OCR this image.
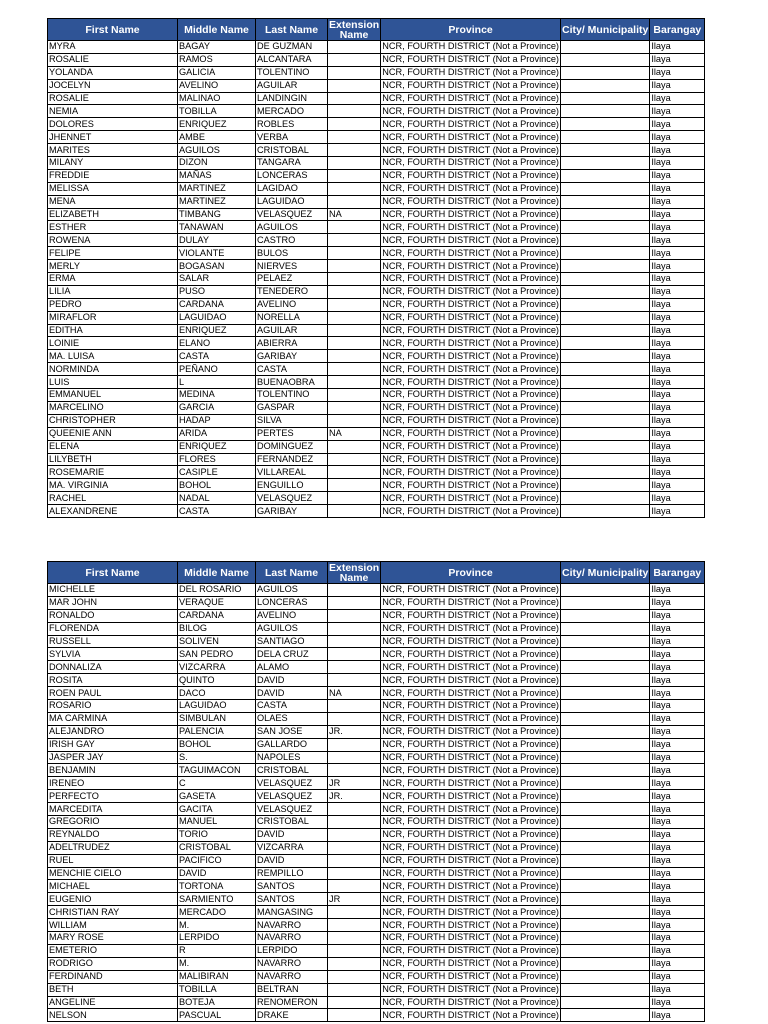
First Name	Middle Name	Last Name	Extension Name	Province	City/ Municipality	Barangay
MYRA	BAGAY	DE GUZMAN		NCR, FOURTH DISTRICT (Not a Province)		Ilaya
ROSALIE	RAMOS	ALCANTARA		NCR, FOURTH DISTRICT (Not a Province)		Ilaya
YOLANDA	GALICIA	TOLENTINO		NCR, FOURTH DISTRICT (Not a Province)		Ilaya
JOCELYN	AVELINO	AGUILAR		NCR, FOURTH DISTRICT (Not a Province)		Ilaya
ROSALIE	MALINAO	LANDINGIN		NCR, FOURTH DISTRICT (Not a Province)		Ilaya
NEMIA	TOBILLA	MERCADO		NCR, FOURTH DISTRICT (Not a Province)		Ilaya
DOLORES	ENRIQUEZ	ROBLES		NCR, FOURTH DISTRICT (Not a Province)		Ilaya
JHENNET	AMBE	VERBA		NCR, FOURTH DISTRICT (Not a Province)		Ilaya
MARITES	AGUILOS	CRISTOBAL		NCR, FOURTH DISTRICT (Not a Province)		Ilaya
MILANY	DIZON	TANGARA		NCR, FOURTH DISTRICT (Not a Province)		Ilaya
FREDDIE	MAÑAS	LONCERAS		NCR, FOURTH DISTRICT (Not a Province)		Ilaya
MELISSA	MARTINEZ	LAGIDAO		NCR, FOURTH DISTRICT (Not a Province)		Ilaya
MENA	MARTINEZ	LAGUIDAO		NCR, FOURTH DISTRICT (Not a Province)		Ilaya
ELIZABETH	TIMBANG	VELASQUEZ	NA	NCR, FOURTH DISTRICT (Not a Province)		Ilaya
ESTHER	TANAWAN	AGUILOS		NCR, FOURTH DISTRICT (Not a Province)		Ilaya
ROWENA	DULAY	CASTRO		NCR, FOURTH DISTRICT (Not a Province)		Ilaya
FELIPE	VIOLANTE	BULOS		NCR, FOURTH DISTRICT (Not a Province)		Ilaya
MERLY	BOGASAN	NIERVES		NCR, FOURTH DISTRICT (Not a Province)		Ilaya
ERMA	SALAR	PELAEZ		NCR, FOURTH DISTRICT (Not a Province)		Ilaya
LILIA	PUSO	TENEDERO		NCR, FOURTH DISTRICT (Not a Province)		Ilaya
PEDRO	CARDANA	AVELINO		NCR, FOURTH DISTRICT (Not a Province)		Ilaya
MIRAFLOR	LAGUIDAO	NORELLA		NCR, FOURTH DISTRICT (Not a Province)		Ilaya
EDITHA	ENRIQUEZ	AGUILAR		NCR, FOURTH DISTRICT (Not a Province)		Ilaya
LOINIE	ELANO	ABIERRA		NCR, FOURTH DISTRICT (Not a Province)		Ilaya
MA. LUISA	CASTA	GARIBAY		NCR, FOURTH DISTRICT (Not a Province)		Ilaya
NORMINDA	PEÑANO	CASTA		NCR, FOURTH DISTRICT (Not a Province)		Ilaya
LUIS	L	BUENAOBRA		NCR, FOURTH DISTRICT (Not a Province)		Ilaya
EMMANUEL	MEDINA	TOLENTINO		NCR, FOURTH DISTRICT (Not a Province)		Ilaya
MARCELINO	GARCIA	GASPAR		NCR, FOURTH DISTRICT (Not a Province)		Ilaya
CHRISTOPHER	HADAP	SILVA		NCR, FOURTH DISTRICT (Not a Province)		Ilaya
QUEENIE ANN	ARIDA	PERTES	NA	NCR, FOURTH DISTRICT (Not a Province)		Ilaya
ELENA	ENRIQUEZ	DOMINGUEZ		NCR, FOURTH DISTRICT (Not a Province)		Ilaya
LILYBETH	FLORES	FERNANDEZ		NCR, FOURTH DISTRICT (Not a Province)		Ilaya
ROSEMARIE	CASIPLE	VILLAREAL		NCR, FOURTH DISTRICT (Not a Province)		Ilaya
MA. VIRGINIA	BOHOL	ENGUILLO		NCR, FOURTH DISTRICT (Not a Province)		Ilaya
RACHEL	NADAL	VELASQUEZ		NCR, FOURTH DISTRICT (Not a Province)		Ilaya
ALEXANDRENE	CASTA	GARIBAY		NCR, FOURTH DISTRICT (Not a Province)		Ilaya
First Name	Middle Name	Last Name	Extension Name	Province	City/ Municipality	Barangay
MICHELLE	DEL ROSARIO	AGUILOS		NCR, FOURTH DISTRICT (Not a Province)		Ilaya
MAR JOHN	VERAQUE	LONCERAS		NCR, FOURTH DISTRICT (Not a Province)		Ilaya
RONALDO	CARDANA	AVELINO		NCR, FOURTH DISTRICT (Not a Province)		Ilaya
FLORENDA	BILOG	AGUILOS		NCR, FOURTH DISTRICT (Not a Province)		Ilaya
RUSSELL	SOLIVEN	SANTIAGO		NCR, FOURTH DISTRICT (Not a Province)		Ilaya
SYLVIA	SAN PEDRO	DELA CRUZ		NCR, FOURTH DISTRICT (Not a Province)		Ilaya
DONNALIZA	VIZCARRA	ALAMO		NCR, FOURTH DISTRICT (Not a Province)		Ilaya
ROSITA	QUINTO	DAVID		NCR, FOURTH DISTRICT (Not a Province)		Ilaya
ROEN PAUL	DACO	DAVID	NA	NCR, FOURTH DISTRICT (Not a Province)		Ilaya
ROSARIO	LAGUIDAO	CASTA		NCR, FOURTH DISTRICT (Not a Province)		Ilaya
MA CARMINA	SIMBULAN	OLAES		NCR, FOURTH DISTRICT (Not a Province)		Ilaya
ALEJANDRO	PALENCIA	SAN JOSE	JR.	NCR, FOURTH DISTRICT (Not a Province)		Ilaya
IRISH GAY	BOHOL	GALLARDO		NCR, FOURTH DISTRICT (Not a Province)		Ilaya
JASPER JAY	S.	NAPOLES		NCR, FOURTH DISTRICT (Not a Province)		Ilaya
BENJAMIN	TAGUIMACON	CRISTOBAL		NCR, FOURTH DISTRICT (Not a Province)		Ilaya
IRENEO	C	VELASQUEZ	JR	NCR, FOURTH DISTRICT (Not a Province)		Ilaya
PERFECTO	GASETA	VELASQUEZ	JR.	NCR, FOURTH DISTRICT (Not a Province)		Ilaya
MARCEDITA	GACITA	VELASQUEZ		NCR, FOURTH DISTRICT (Not a Province)		Ilaya
GREGORIO	MANUEL	CRISTOBAL		NCR, FOURTH DISTRICT (Not a Province)		Ilaya
REYNALDO	TORIO	DAVID		NCR, FOURTH DISTRICT (Not a Province)		Ilaya
ADELTRUDEZ	CRISTOBAL	VIZCARRA		NCR, FOURTH DISTRICT (Not a Province)		Ilaya
RUEL	PACIFICO	DAVID		NCR, FOURTH DISTRICT (Not a Province)		Ilaya
MENCHIE CIELO	DAVID	REMPILLO		NCR, FOURTH DISTRICT (Not a Province)		Ilaya
MICHAEL	TORTONA	SANTOS		NCR, FOURTH DISTRICT (Not a Province)		Ilaya
EUGENIO	SARMIENTO	SANTOS	JR	NCR, FOURTH DISTRICT (Not a Province)		Ilaya
CHRISTIAN RAY	MERCADO	MANGASING		NCR, FOURTH DISTRICT (Not a Province)		Ilaya
WILLIAM	M.	NAVARRO		NCR, FOURTH DISTRICT (Not a Province)		Ilaya
MARY ROSE	LERPIDO	NAVARRO		NCR, FOURTH DISTRICT (Not a Province)		Ilaya
EMETERIO	R	LERPIDO		NCR, FOURTH DISTRICT (Not a Province)		Ilaya
RODRIGO	M.	NAVARRO		NCR, FOURTH DISTRICT (Not a Province)		Ilaya
FERDINAND	MALIBIRAN	NAVARRO		NCR, FOURTH DISTRICT (Not a Province)		Ilaya
BETH	TOBILLA	BELTRAN		NCR, FOURTH DISTRICT (Not a Province)		Ilaya
ANGELINE	BOTEJA	RENOMERON		NCR, FOURTH DISTRICT (Not a Province)		Ilaya
NELSON	PASCUAL	DRAKE		NCR, FOURTH DISTRICT (Not a Province)		Ilaya
